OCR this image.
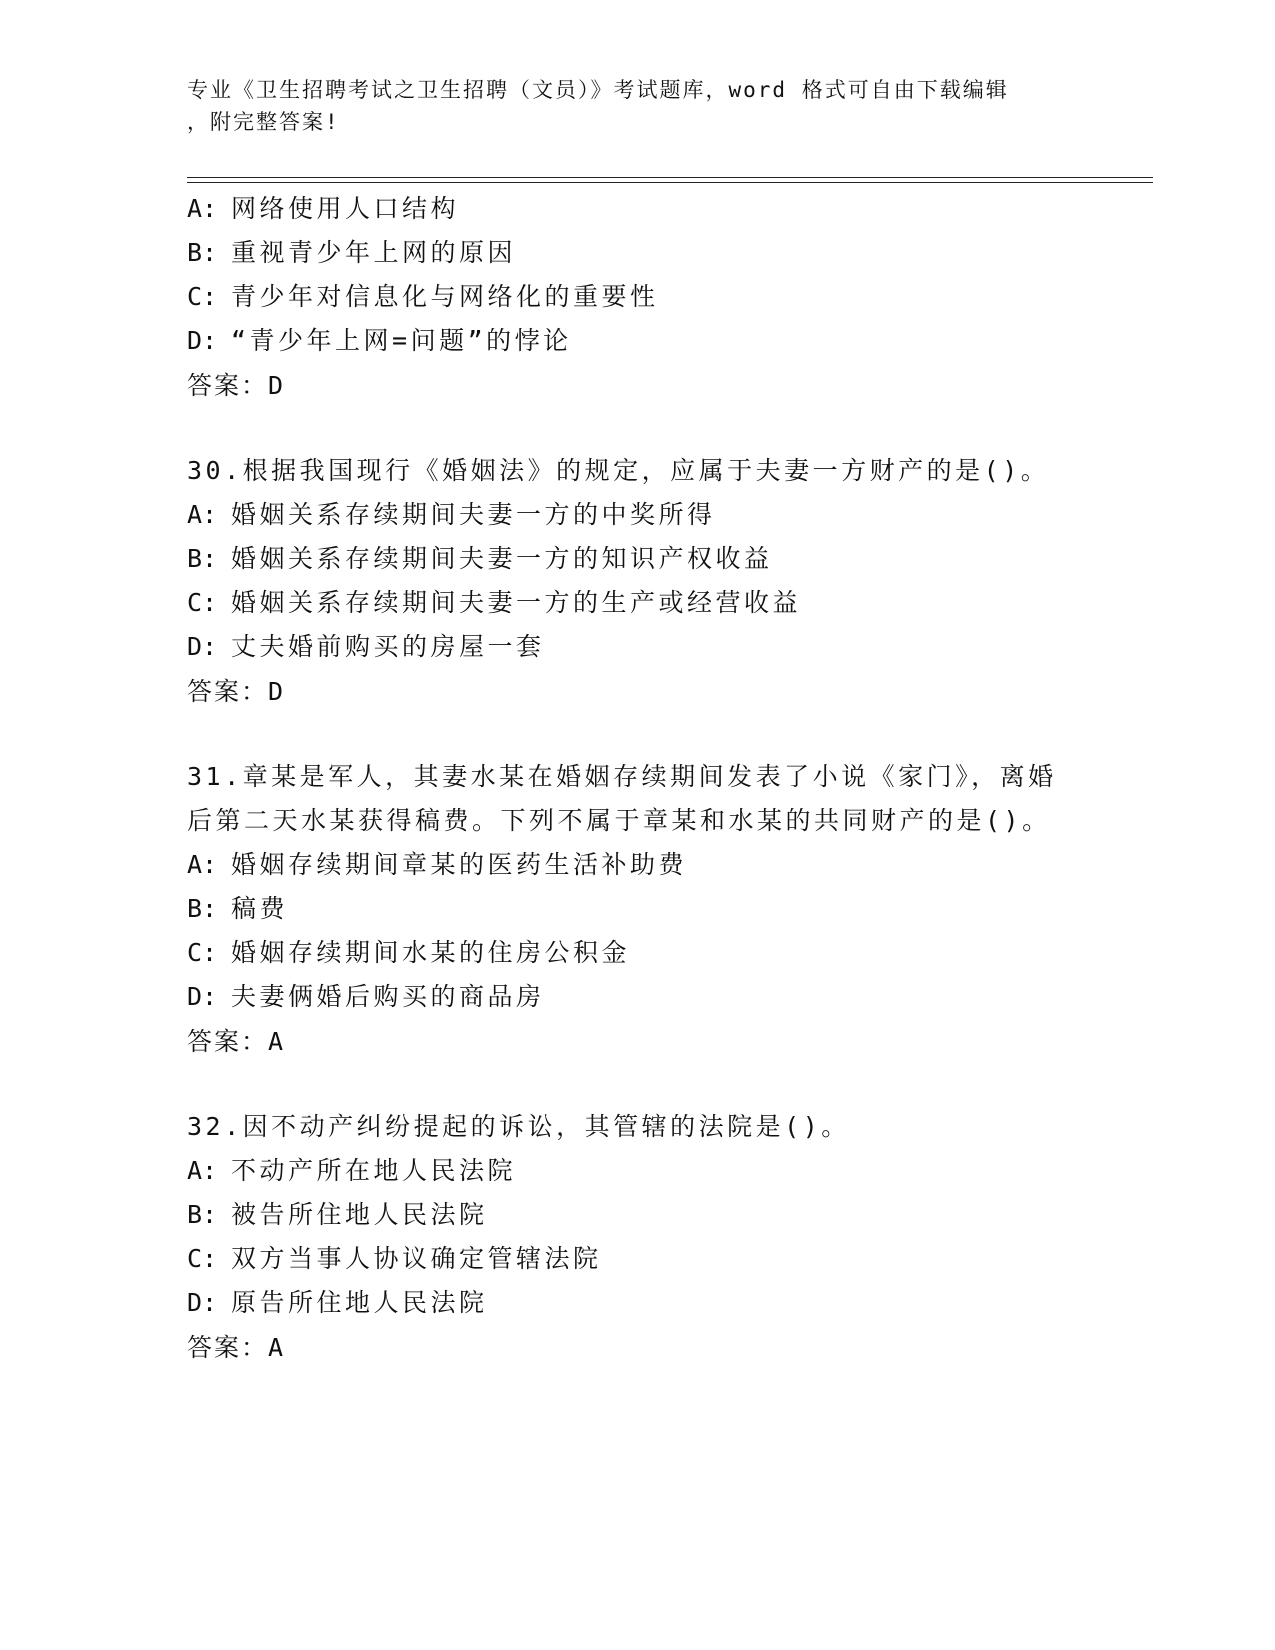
专业《卫生招聘考试之卫生招聘（文员）》考试题库，word 格式可自由下载编辑
，附完整答案!
A: 网络使用人口结构
B: 重视青少年上网的原因
C: 青少年对信息化与网络化的重要性
D: “青少年上网=问题”的悖论
答案：D
30.根据我国现行《婚姻法》的规定，应属于夫妻一方财产的是()。
A: 婚姻关系存续期间夫妻一方的中奖所得
B: 婚姻关系存续期间夫妻一方的知识产权收益
C: 婚姻关系存续期间夫妻一方的生产或经营收益
D: 丈夫婚前购买的房屋一套
答案：D
31.章某是军人，其妻水某在婚姻存续期间发表了小说《家门》，离婚
后第二天水某获得稿费。下列不属于章某和水某的共同财产的是()。
A: 婚姻存续期间章某的医药生活补助费
B: 稿费
C: 婚姻存续期间水某的住房公积金
D: 夫妻俩婚后购买的商品房
答案：A
32.因不动产纠纷提起的诉讼，其管辖的法院是()。
A: 不动产所在地人民法院
B: 被告所住地人民法院
C: 双方当事人协议确定管辖法院
D: 原告所住地人民法院
答案：A
